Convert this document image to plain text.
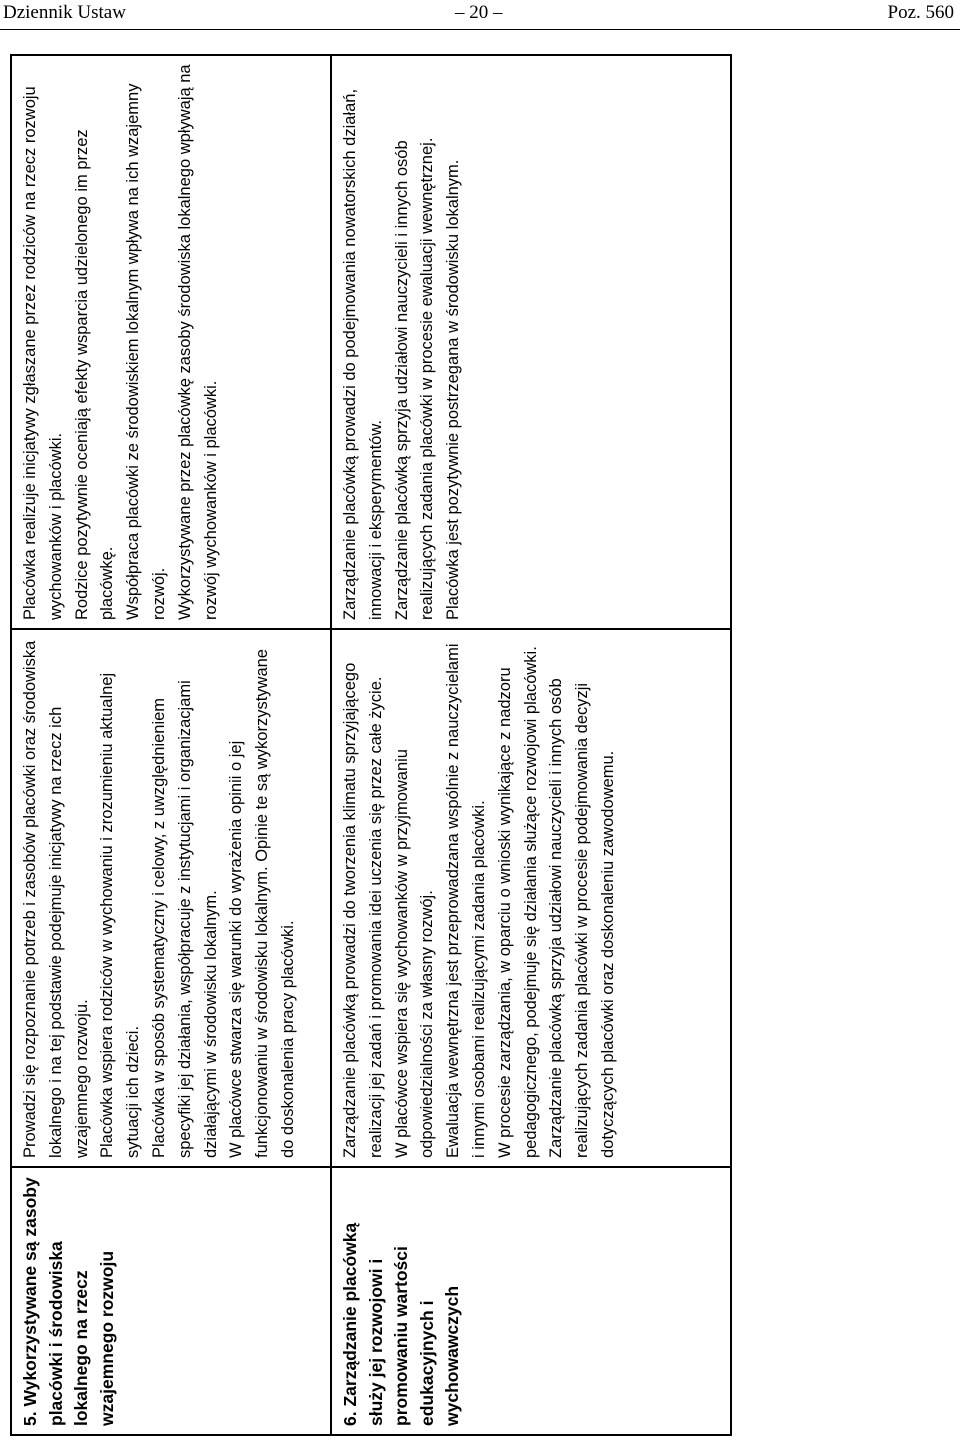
Dziennik Ustaw	– 20 –	Poz. 560

5. Wykorzystywane są zasoby placówki i środowiska lokalnego na rzecz wzajemnego rozwoju

Prowadzi się rozpoznanie potrzeb i zasobów placówki oraz środowiska lokalnego i na tej podstawie podejmuje inicjatywy na rzecz ich wzajemnego rozwoju. Placówka wspiera rodziców w wychowaniu i zrozumieniu aktualnej sytuacji ich dzieci. Placówka w sposób systematyczny i celowy, z uwzględnieniem specyfiki jej działania, współpracuje z instytucjami i organizacjami działającymi w środowisku lokalnym. W placówce stwarza się warunki do wyrażenia opinii o jej funkcjonowaniu w środowisku lokalnym. Opinie te są wykorzystywane do doskonalenia pracy placówki.

Placówka realizuje inicjatywy zgłaszane przez rodziców na rzecz rozwoju wychowanków i placówki. Rodzice pozytywnie oceniają efekty wsparcia udzielonego im przez placówkę. Współpraca placówki ze środowiskiem lokalnym wpływa na ich wzajemny rozwój. Wykorzystywane przez placówkę zasoby środowiska lokalnego wpływają na rozwój wychowanków i placówki.

6. Zarządzanie placówką służy jej rozwojowi i promowaniu wartości edukacyjnych i wychowawczych

Zarządzanie placówką prowadzi do tworzenia klimatu sprzyjającego realizacji jej zadań i promowania idei uczenia się przez całe życie. W placówce wspiera się wychowanków w przyjmowaniu odpowiedzialności za własny rozwój. Ewaluacja wewnętrzna jest przeprowadzana wspólnie z nauczycielami i innymi osobami realizującymi zadania placówki. W procesie zarządzania, w oparciu o wnioski wynikające z nadzoru pedagogicznego, podejmuje się działania służące rozwojowi placówki. Zarządzanie placówką sprzyja udziałowi nauczycieli i innych osób realizujących zadania placówki w procesie podejmowania decyzji dotyczących placówki oraz doskonaleniu zawodowemu.

Zarządzanie placówką prowadzi do podejmowania nowatorskich działań, innowacji i eksperymentów. Zarządzanie placówką sprzyja udziałowi nauczycieli i innych osób realizujących zadania placówki w procesie ewaluacji wewnętrznej. Placówka jest pozytywnie postrzegana w środowisku lokalnym.
